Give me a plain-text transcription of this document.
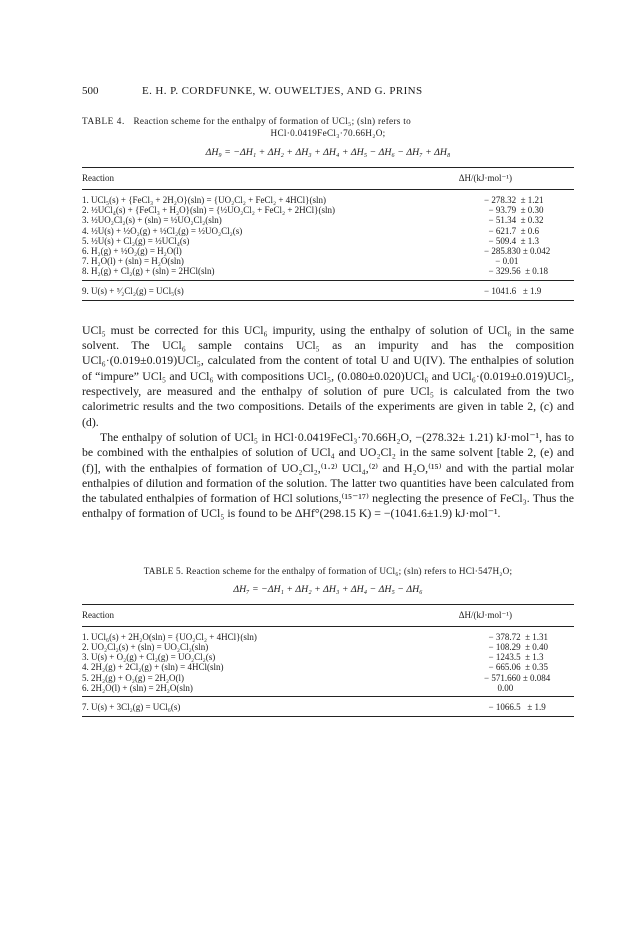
500	E. H. P. CORDFUNKE, W. OUWELTJES, AND G. PRINS
TABLE 4. Reaction scheme for the enthalpy of formation of UCl₅; (sln) refers to
HCl·0.0419FeCl₃·70.66H₂O;
ΔH₉ = −ΔH₁ + ΔH₂ + ΔH₃ + ΔH₄ + ΔH₅ − ΔH₆ − ΔH₇ + ΔH₈
Reaction	ΔH/(kJ·mol⁻¹)
1. UCl₅(s) + {FeCl₃ + 2H₂O}(sln) = {UO₂Cl₂ + FeCl₂ + 4HCl}(sln)	− 278.32  ± 1.21
2. ½UCl₄(s) + {FeCl₃ + H₂O}(sln) = {½UO₂Cl₂ + FeCl₂ + 2HCl}(sln)	− 93.79  ± 0.30
3. ½UO₂Cl₂(s) + (sln) = ½UO₂Cl₂(sln)	− 51.34  ± 0.32
4. ½U(s) + ½O₂(g) + ½Cl₂(g) = ½UO₂Cl₂(s)	− 621.7  ± 0.6
5. ½U(s) + Cl₂(g) = ½UCl₄(s)	− 509.4  ± 1.3
6. H₂(g) + ½O₂(g) = H₂O(l)	− 285.830 ± 0.042
7. H₂O(l) + (sln) = H₂O(sln)	− 0.01
8. H₂(g) + Cl₂(g) + (sln) = 2HCl(sln)	− 329.56  ± 0.18
9. U(s) + ⁵⁄₂Cl₂(g) = UCl₅(s)	− 1041.6   ± 1.9

UCl₅ must be corrected for this UCl₆ impurity, using the enthalpy of solution of UCl₆ in the same solvent. The UCl₆ sample contains UCl₅ as an impurity and has the composition UCl₆·(0.019±0.019)UCl₅, calculated from the content of total U and U(IV). The enthalpies of solution of “impure” UCl₅ and UCl₆ with compositions UCl₅, (0.080±0.020)UCl₆ and UCl₆·(0.019±0.019)UCl₅, respectively, are measured and the enthalpy of solution of pure UCl₅ is calculated from the two calorimetric results and the two compositions. Details of the experiments are given in table 2, (c) and (d).

The enthalpy of solution of UCl₅ in HCl·0.0419FeCl₃·70.66H₂O, −(278.32± 1.21) kJ·mol⁻¹, has to be combined with the enthalpies of solution of UCl₄ and UO₂Cl₂ in the same solvent [table 2, (e) and (f)], with the enthalpies of formation of UO₂Cl₂,⁽¹·²⁾ UCl₄,⁽²⁾ and H₂O,⁽¹⁵⁾ and with the partial molar enthalpies of dilution and formation of the solution. The latter two quantities have been calculated from the tabulated enthalpies of formation of HCl solutions,⁽¹⁵⁻¹⁷⁾ neglecting the presence of FeCl₃. Thus the enthalpy of formation of UCl₅ is found to be ΔHf°(298.15 K) = −(1041.6±1.9) kJ·mol⁻¹.

TABLE 5. Reaction scheme for the enthalpy of formation of UCl₆; (sln) refers to HCl·547H₂O;
ΔH₇ = −ΔH₁ + ΔH₂ + ΔH₃ + ΔH₄ − ΔH₅ − ΔH₆
Reaction	ΔH/(kJ·mol⁻¹)
1. UCl₆(s) + 2H₂O(sln) = {UO₂Cl₂ + 4HCl}(sln)	− 378.72  ± 1.31
2. UO₂Cl₂(s) + (sln) = UO₂Cl₂(sln)	− 108.29  ± 0.40
3. U(s) + O₂(g) + Cl₂(g) = UO₂Cl₂(s)	− 1243.5  ± 1.3
4. 2H₂(g) + 2Cl₂(g) + (sln) = 4HCl(sln)	− 665.06  ± 0.35
5. 2H₂(g) + O₂(g) = 2H₂O(l)	− 571.660 ± 0.084
6. 2H₂O(l) + (sln) = 2H₂O(sln)	0.00
7. U(s) + 3Cl₂(g) = UCl₆(s)	− 1066.5   ± 1.9
